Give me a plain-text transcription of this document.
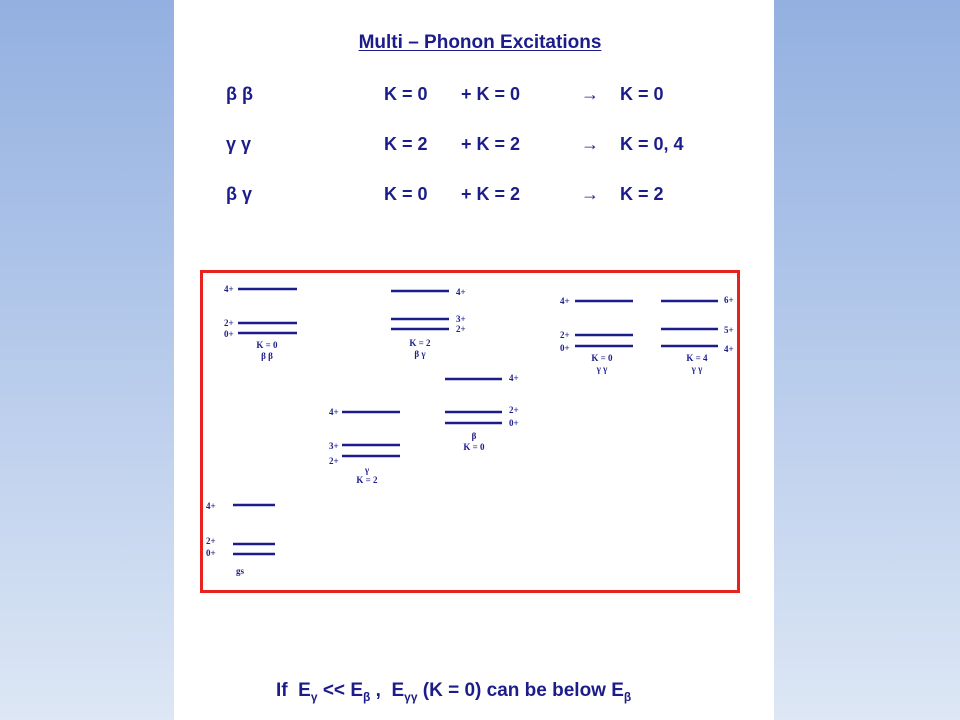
Multi – Phonon Excitations
β β	K = 0 + K = 0	→ K = 0
γ γ	K = 2 + K = 2	→ K = 0, 4
β γ	K = 0 + K = 2	→ K = 2
4+
2+
0+
gs
4+
3+
2+
γ
K = 2
4+
2+
0+
β
K = 0
4+
2+
0+
K = 0
β β
4+
3+
2+
K = 2
β γ
4+
2+
0+
K = 0
γ γ
6+
5+
4+
K = 4
γ γ
If $E_\gamma << E_\beta$ , $E_{\gamma\gamma}$ (K = 0) can be below $E_\beta$
